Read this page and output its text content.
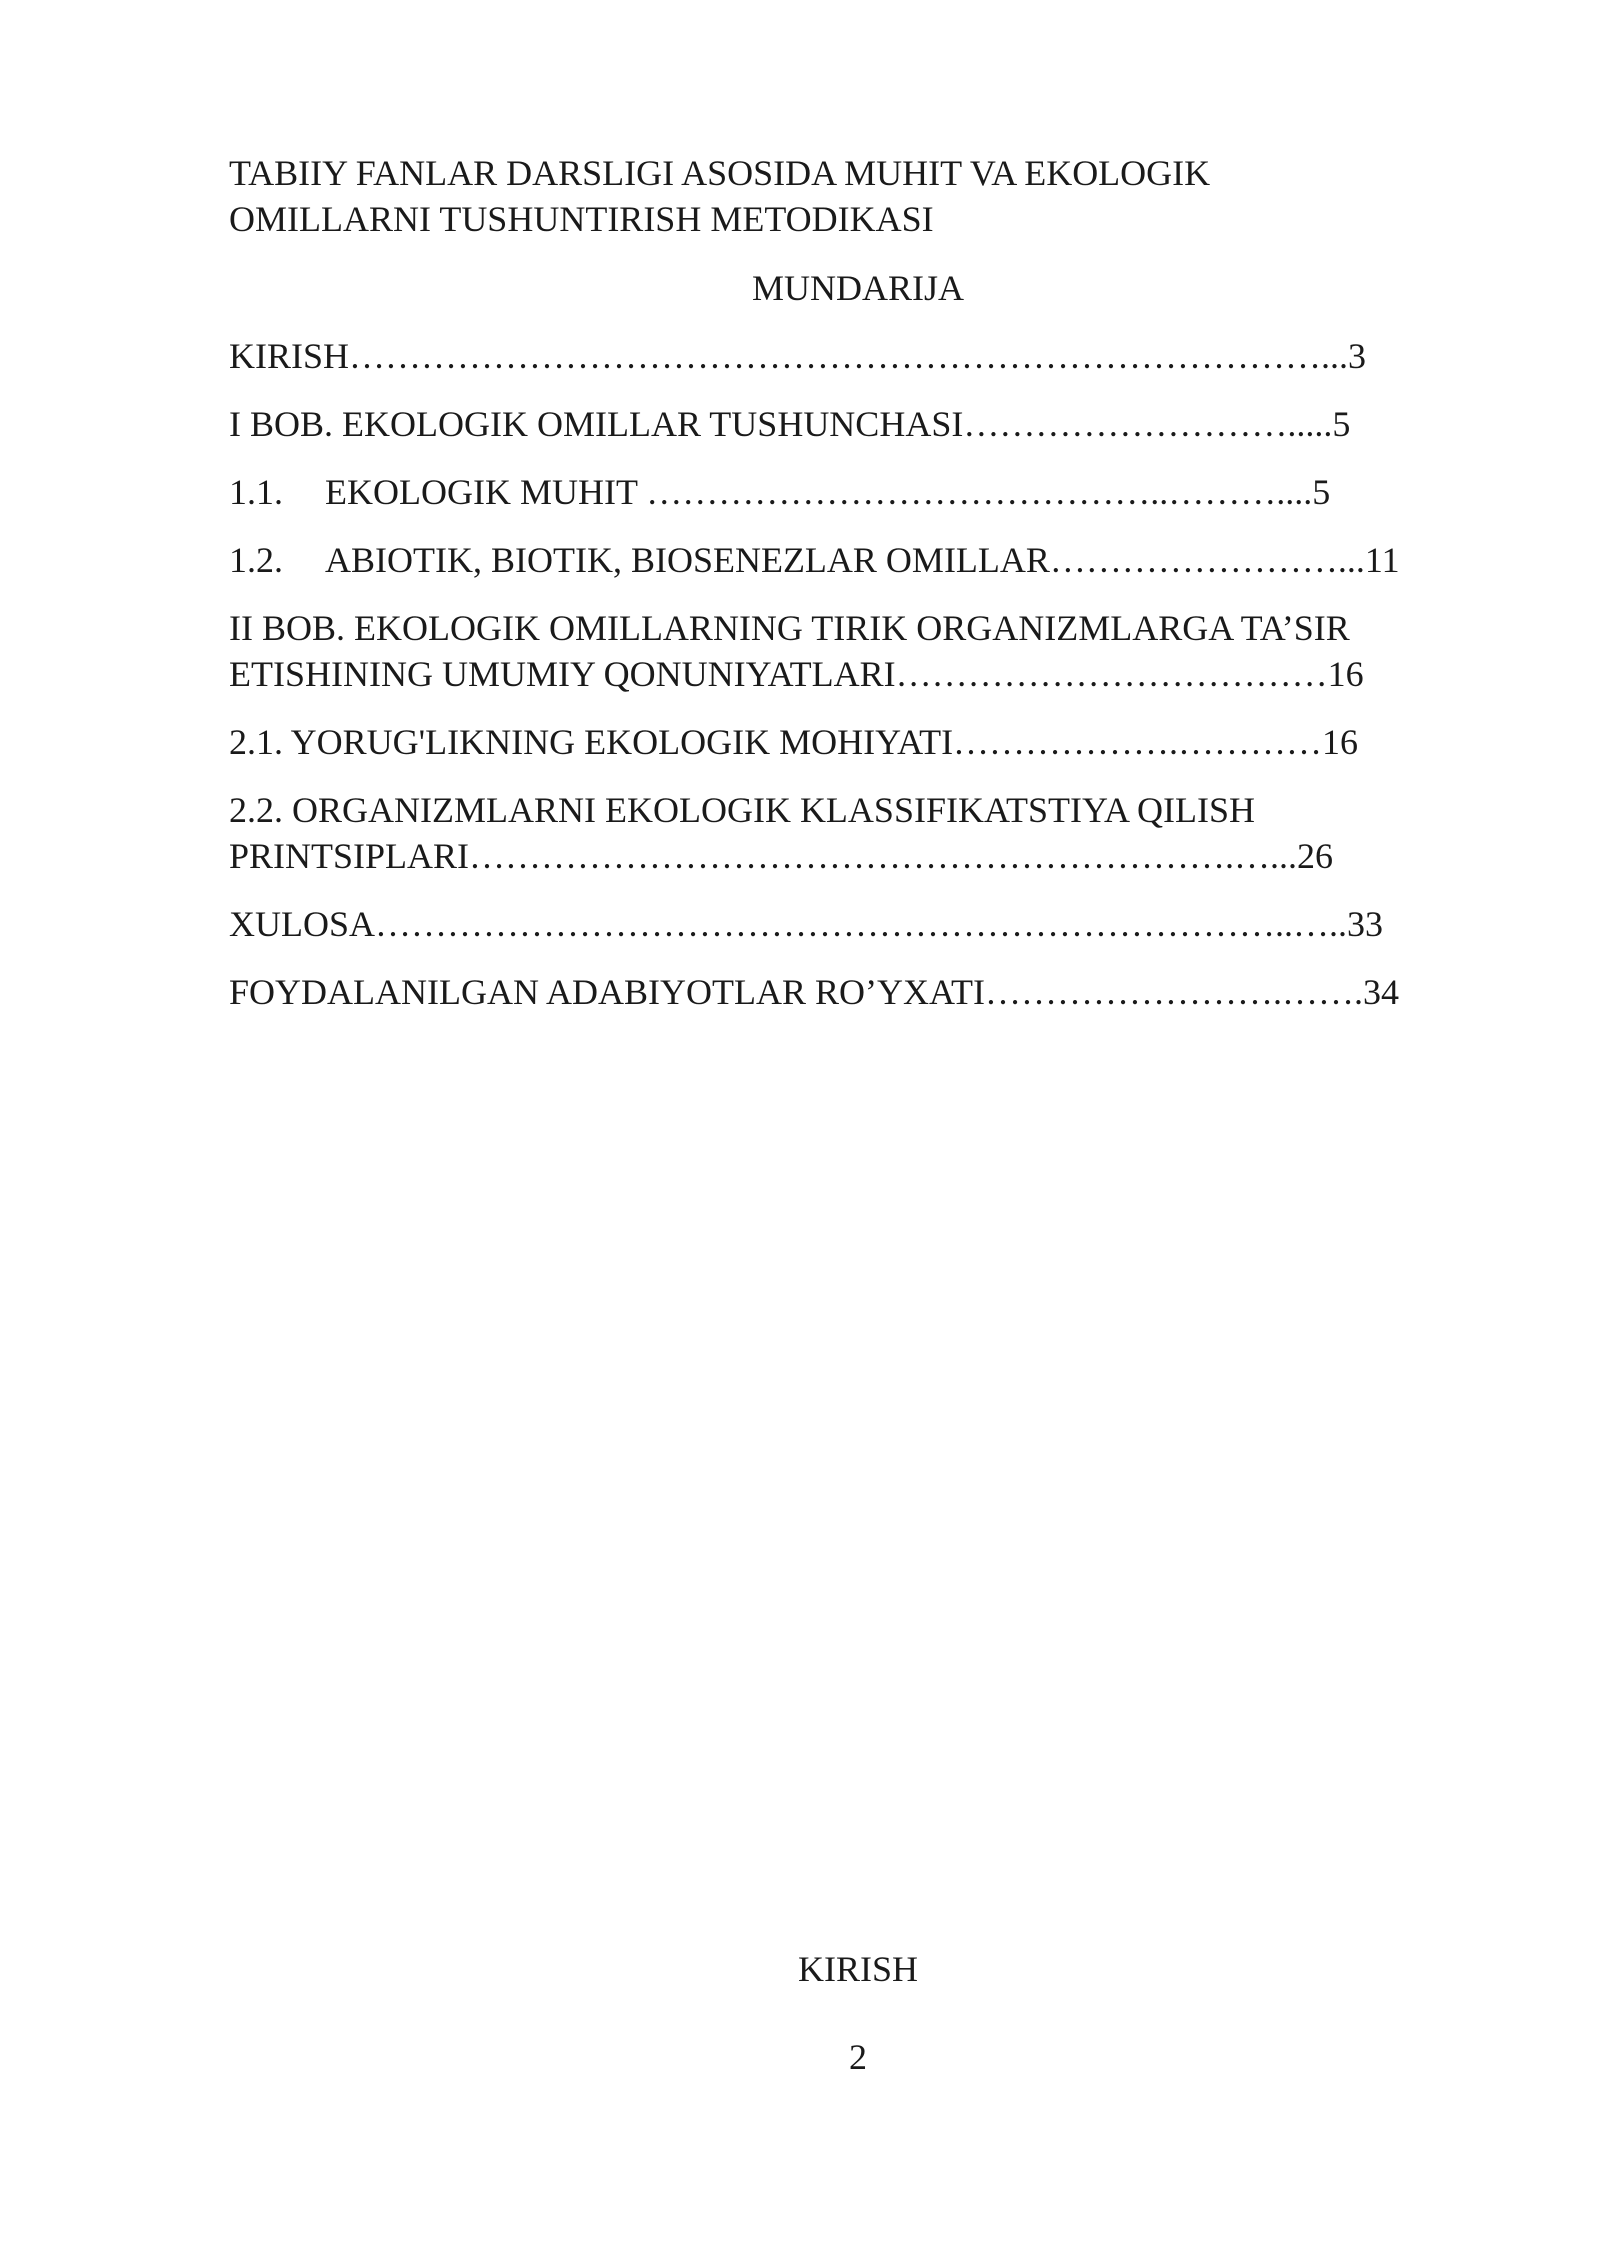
TABIIY FANLAR DARSLIGI ASOSIDA MUHIT VA EKOLOGIK
OMILLARNI TUSHUNTIRISH METODIKASI
MUNDARIJA

KIRISH………………………………………………………………………...3

I BOB. EKOLOGIK OMILLAR TUSHUNCHASI……………………….....5

1.1. EKOLOGIK MUHIT ……………………………………..………....5

1.2. ABIOTIK, BIOTIK, BIOSENEZLAR OMILLAR……………………...11

II BOB. EKOLOGIK OMILLARNING TIRIK ORGANIZMLARGA TA’SIR
ETISHINING UMUMIY QONUNIYATLARI………………………………16

2.1. YORUG'LIKNING EKOLOGIK MOHIYATI……………….…………16

2.2. ORGANIZMLARNI EKOLOGIK KLASSIFIKATSTIYA QILISH
PRINTSIPLARI……………………………………………………….…...26

XULOSA…………………………………………………………………..…..33

FOYDALANILGAN ADABIYOTLAR RO’YXATI…………………….…….34

KIRISH
2
